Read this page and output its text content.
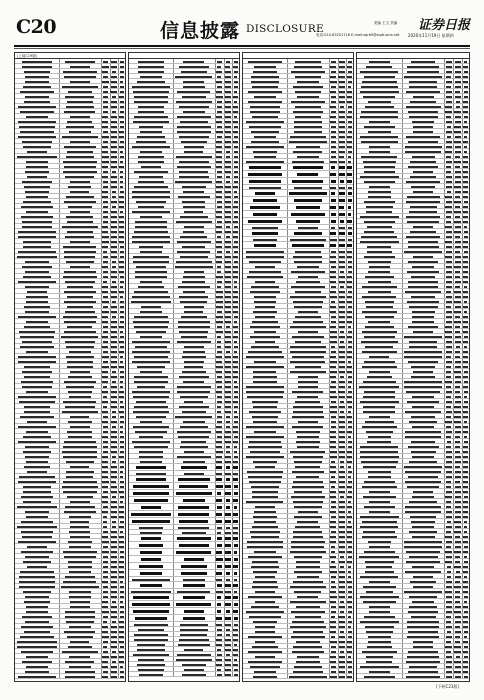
C20	信息披露 DISCLOSURE	美编 王文 责编
电话:010-83251716 E-mail:zqrb9@zqrb.sina.net
证券日报
2020年11月19日 星期四
(上接C19版)
(下转C21版)
